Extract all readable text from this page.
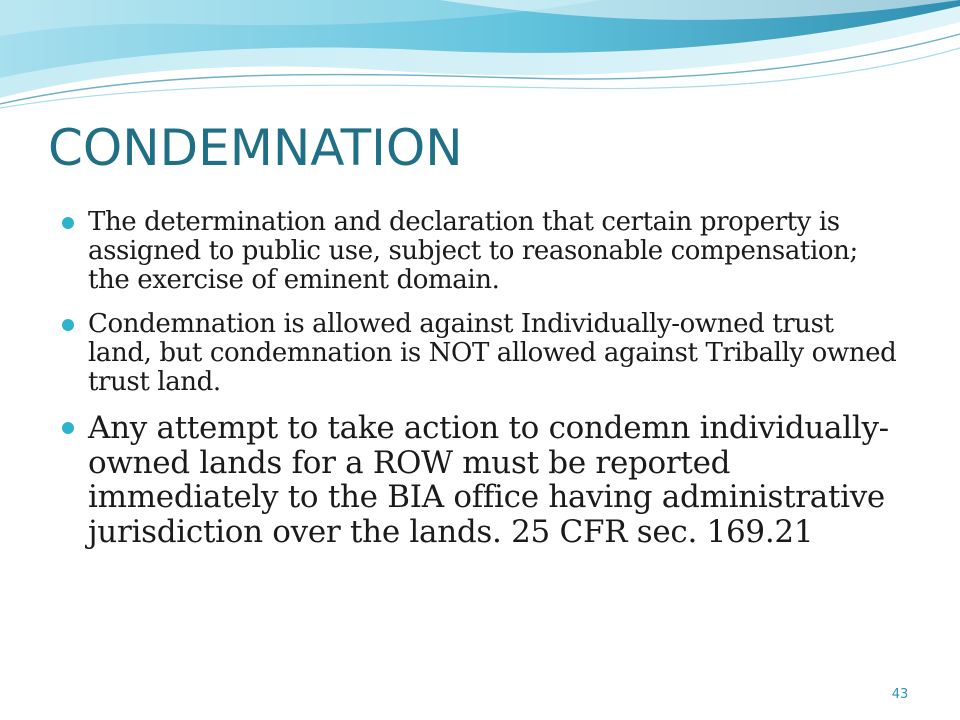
CONDEMNATION
The determination and declaration that certain property is assigned to public use, subject to reasonable compensation; the exercise of eminent domain.
Condemnation is allowed against Individually-owned trust land, but condemnation is NOT allowed against Tribally owned trust land.
Any attempt to take action to condemn individually-owned lands for a ROW must be reported immediately to the BIA office having administrative jurisdiction over the lands. 25 CFR sec. 169.21
43
